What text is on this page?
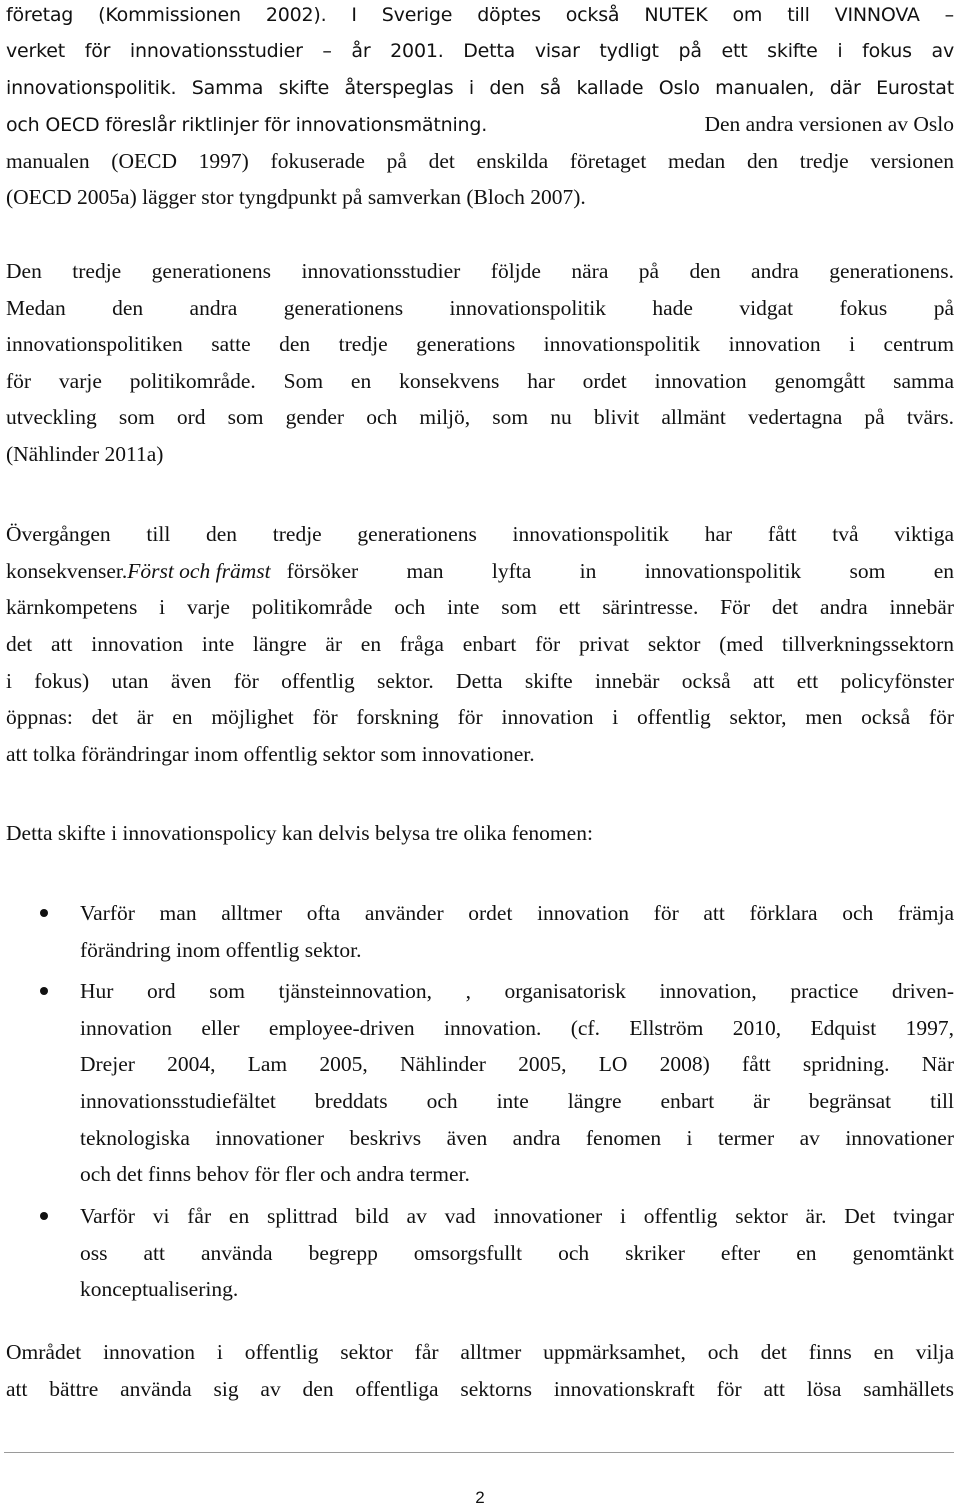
företag (Kommissionen 2002). I Sverige döptes också NUTEK om till VINNOVA –
verket för innovationsstudier – år 2001. Detta visar tydligt på ett skifte i fokus av
innovationspolitik. Samma skifte återspeglas i den så kallade Oslo manualen, där Eurostat
och OECD föreslår riktlinjer för innovationsmätning.	Den andra versionen av Oslo
manualen (OECD 1997) fokuserade på det enskilda företaget medan den tredje versionen
(OECD 2005a) lägger stor tyngdpunkt på samverkan (Bloch 2007).
Den tredje generationens innovationsstudier följde nära på den andra generationens.
Medan den andra generationens innovationspolitik hade vidgat fokus på
innovationspolitiken satte den tredje generations innovationspolitik innovation i centrum
för varje politikområde. Som en konsekvens har ordet innovation genomgått samma
utveckling som ord som gender och miljö, som nu blivit allmänt vedertagna på tvärs.
(Nählinder 2011a)
Övergången till den tredje generationens innovationspolitik har fått två viktiga
konsekvenser. Först och främst försöker man lyfta in innovationspolitik som en
kärnkompetens i varje politikområde och inte som ett särintresse. För det andra innebär
det att innovation inte längre är en fråga enbart för privat sektor (med tillverkningssektorn
i fokus) utan även för offentlig sektor. Detta skifte innebär också att ett policyfönster
öppnas: det är en möjlighet för forskning för innovation i offentlig sektor, men också för
att tolka förändringar inom offentlig sektor som innovationer.
Detta skifte i innovationspolicy kan delvis belysa tre olika fenomen:
Varför man alltmer ofta använder ordet innovation för att förklara och främja
förändring inom offentlig sektor.
Hur ord som tjänsteinnovation, , organisatorisk innovation, practice driven-
innovation eller employee-driven innovation. (cf. Ellström 2010, Edquist 1997,
Drejer 2004, Lam 2005, Nählinder 2005, LO 2008) fått spridning. När
innovationsstudiefältet breddats och inte längre enbart är begränsat till
teknologiska innovationer beskrivs även andra fenomen i termer av innovationer
och det finns behov för fler och andra termer.
Varför vi får en splittrad bild av vad innovationer i offentlig sektor är. Det tvingar
oss att använda begrepp omsorgsfullt och skriker efter en genomtänkt
konceptualisering.
Området innovation i offentlig sektor får alltmer uppmärksamhet, och det finns en vilja
att bättre använda sig av den offentliga sektorns innovationskraft för att lösa samhällets
2
